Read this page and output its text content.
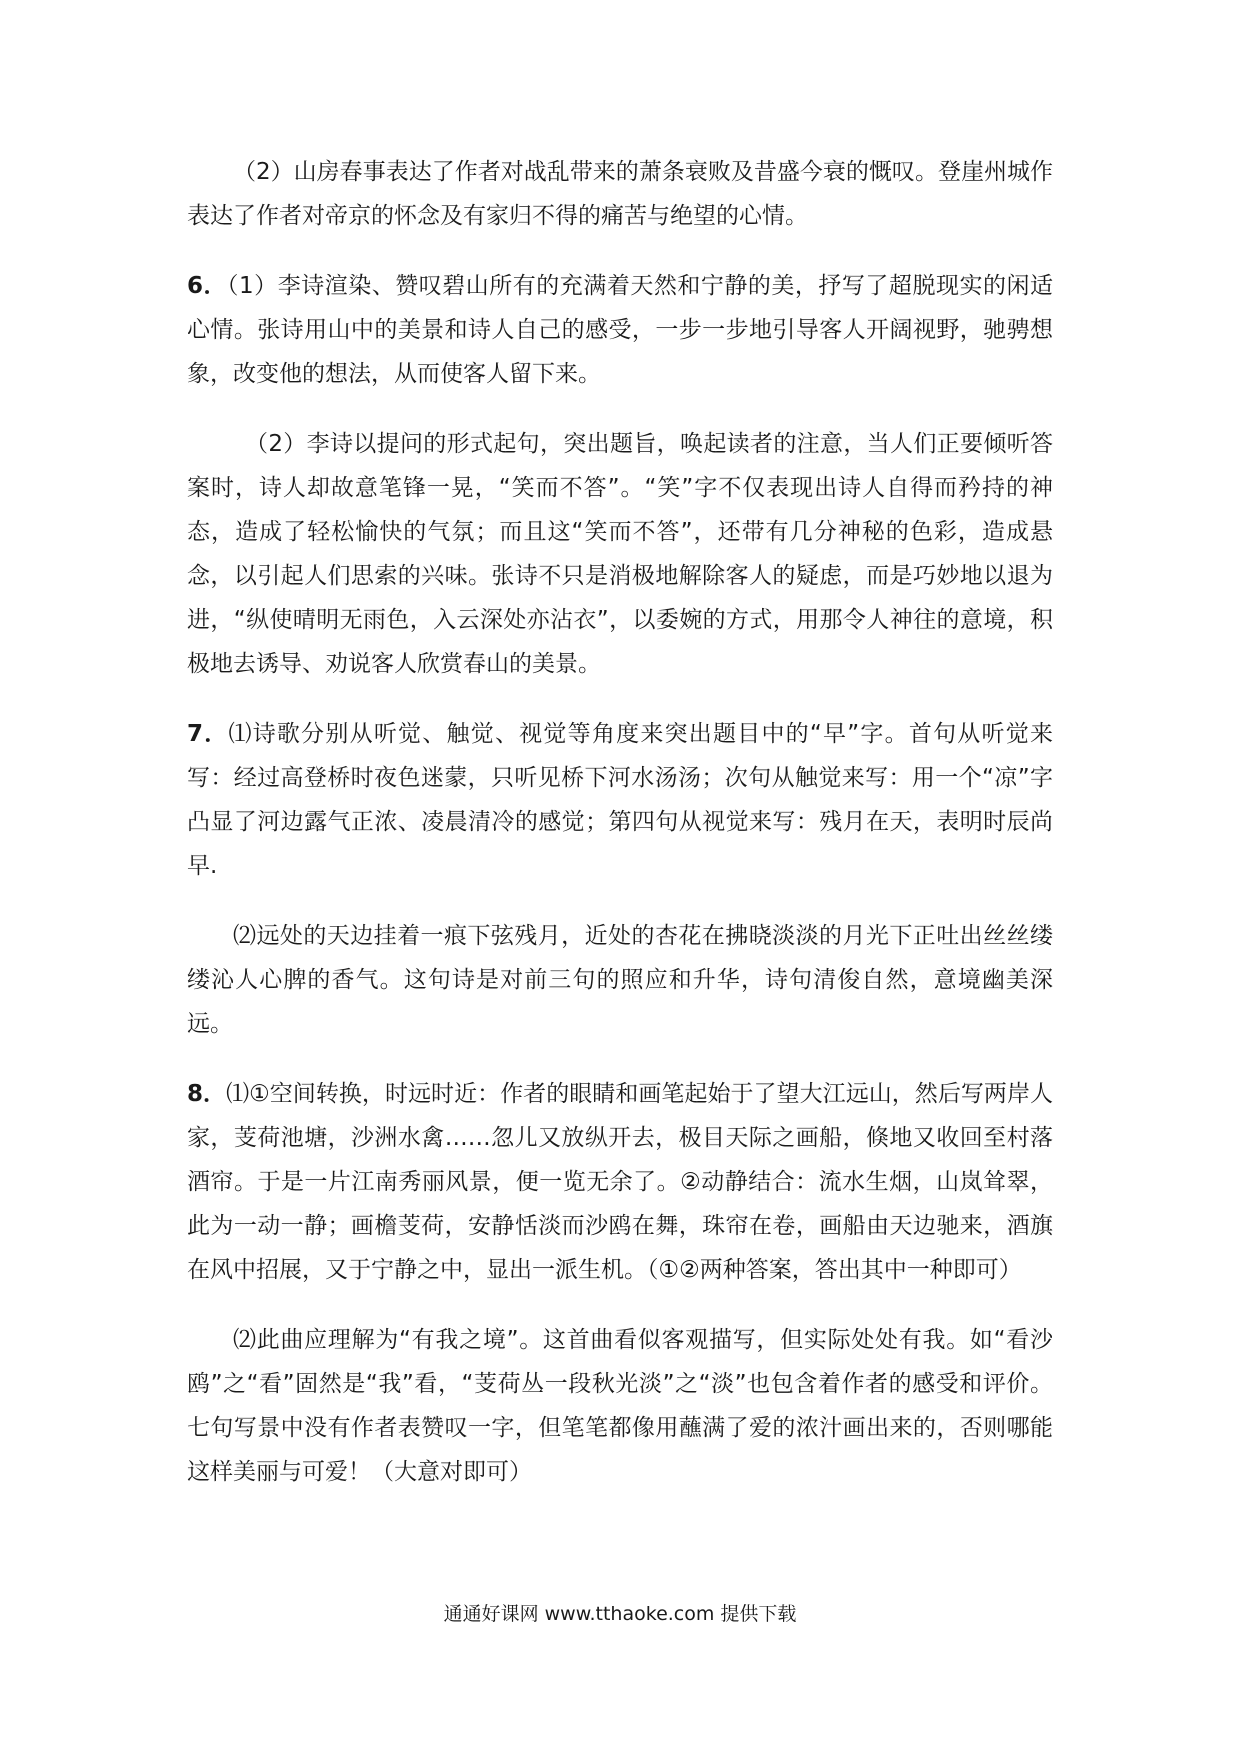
（2）山房春事表达了作者对战乱带来的萧条衰败及昔盛今衰的慨叹。登崖州城作表达了作者对帝京的怀念及有家归不得的痛苦与绝望的心情。

6．（1）李诗渲染、赞叹碧山所有的充满着天然和宁静的美，抒写了超脱现实的闲适心情。张诗用山中的美景和诗人自己的感受，一步一步地引导客人开阔视野，驰骋想象，改变他的想法，从而使客人留下来。

（2）李诗以提问的形式起句，突出题旨，唤起读者的注意，当人们正要倾听答案时，诗人却故意笔锋一晃，“笑而不答”。“笑”字不仅表现出诗人自得而矜持的神态，造成了轻松愉快的气氛；而且这“笑而不答”，还带有几分神秘的色彩，造成悬念，以引起人们思索的兴味。张诗不只是消极地解除客人的疑虑，而是巧妙地以退为进，“纵使晴明无雨色，入云深处亦沾衣”，以委婉的方式，用那令人神往的意境，积极地去诱导、劝说客人欣赏春山的美景。

7．⑴诗歌分别从听觉、触觉、视觉等角度来突出题目中的“早”字。首句从听觉来写：经过高登桥时夜色迷蒙，只听见桥下河水汤汤；次句从触觉来写：用一个“凉”字凸显了河边露气正浓、凌晨清冷的感觉；第四句从视觉来写：残月在天，表明时辰尚早.

⑵远处的天边挂着一痕下弦残月，近处的杏花在拂晓淡淡的月光下正吐出丝丝缕缕沁人心脾的香气。这句诗是对前三句的照应和升华，诗句清俊自然，意境幽美深远。

8．⑴①空间转换，时远时近：作者的眼睛和画笔起始于了望大江远山，然后写两岸人家，芰荷池塘，沙洲水禽……忽儿又放纵开去，极目天际之画船，倏地又收回至村落酒帘。于是一片江南秀丽风景，便一览无余了。②动静结合：流水生烟，山岚耸翠，此为一动一静；画檐芰荷，安静恬淡而沙鸥在舞，珠帘在卷，画船由天边驰来，酒旗在风中招展，又于宁静之中，显出一派生机。（①②两种答案，答出其中一种即可）

⑵此曲应理解为“有我之境”。这首曲看似客观描写，但实际处处有我。如“看沙鸥”之“看”固然是“我”看，“芰荷丛一段秋光淡”之“淡”也包含着作者的感受和评价。七句写景中没有作者表赞叹一字，但笔笔都像用蘸满了爱的浓汁画出来的，否则哪能这样美丽与可爱！（大意对即可）

通通好课网 www.tthaoke.com 提供下载
